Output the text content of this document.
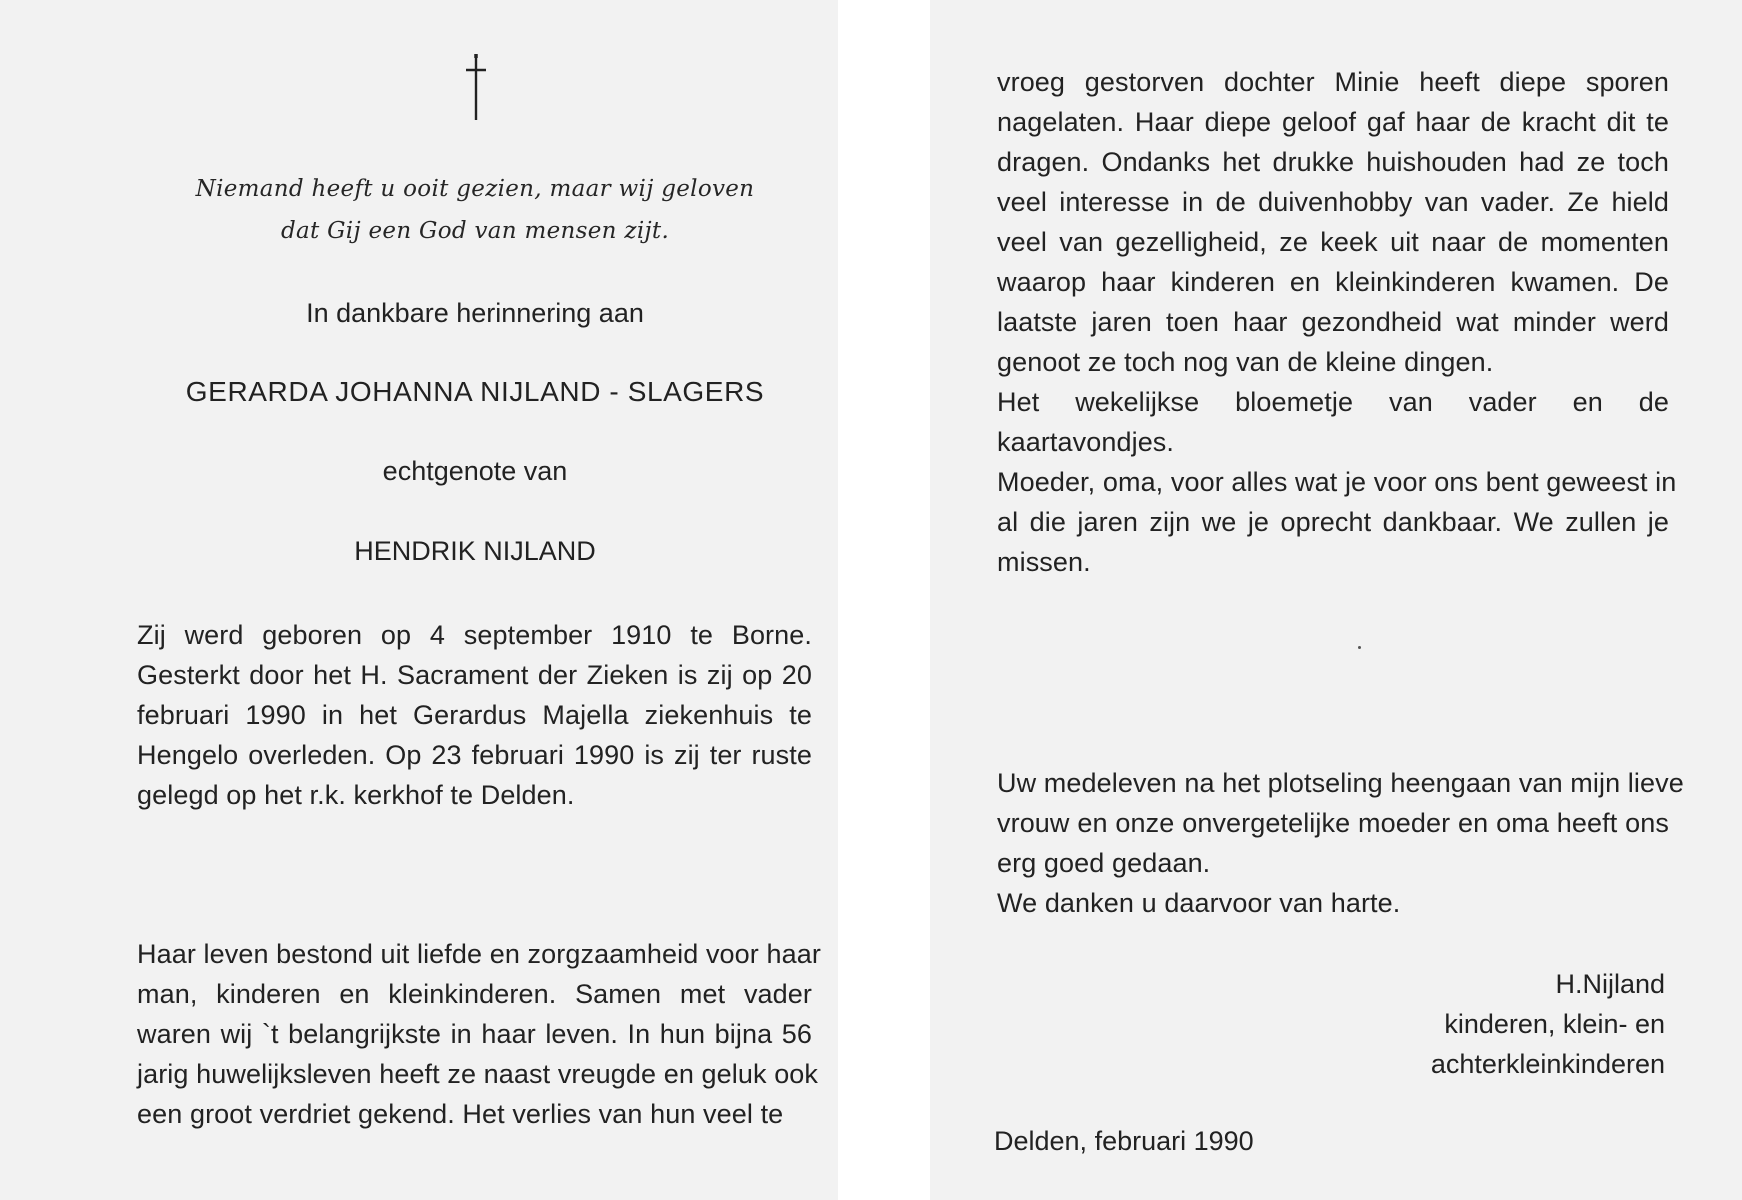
Niemand heeft u ooit gezien, maar wij geloven
dat Gij een God van mensen zijt.
In dankbare herinnering aan
GERARDA JOHANNA NIJLAND - SLAGERS
echtgenote van
HENDRIK NIJLAND
Zij werd geboren op 4 september 1910 te Borne.
Gesterkt door het H. Sacrament der Zieken is zij op 20
februari 1990 in het Gerardus Majella ziekenhuis te
Hengelo overleden. Op 23 februari 1990 is zij ter ruste
gelegd op het r.k. kerkhof te Delden.
Haar leven bestond uit liefde en zorgzaamheid voor haar
man, kinderen en kleinkinderen. Samen met vader
waren wij `t belangrijkste in haar leven. In hun bijna 56
jarig huwelijksleven heeft ze naast vreugde en geluk ook
een groot verdriet gekend. Het verlies van hun veel te
vroeg gestorven dochter Minie heeft diepe sporen
nagelaten. Haar diepe geloof gaf haar de kracht dit te
dragen. Ondanks het drukke huishouden had ze toch
veel interesse in de duivenhobby van vader. Ze hield
veel van gezelligheid, ze keek uit naar de momenten
waarop haar kinderen en kleinkinderen kwamen. De
laatste jaren toen haar gezondheid wat minder werd
genoot ze toch nog van de kleine dingen.
Het wekelijkse bloemetje van vader en de
kaartavondjes.
Moeder, oma, voor alles wat je voor ons bent geweest in
al die jaren zijn we je oprecht dankbaar. We zullen je
missen.
Uw medeleven na het plotseling heengaan van mijn lieve
vrouw en onze onvergetelijke moeder en oma heeft ons
erg goed gedaan.
We danken u daarvoor van harte.
H.Nijland
kinderen, klein- en
achterkleinkinderen
Delden, februari 1990
